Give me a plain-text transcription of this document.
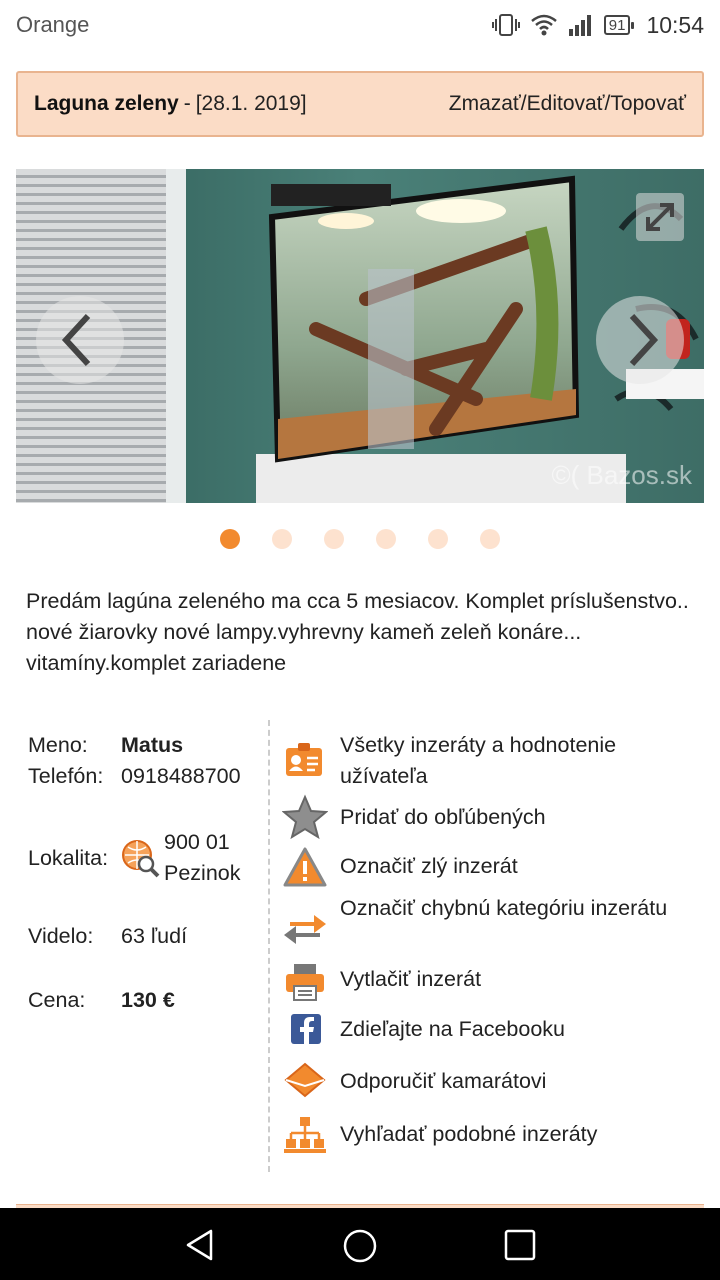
Orange	91 10:54
Laguna zeleny - [28.1. 2019]	Zmazať/ Editovať/ Topovať
©( Bazos.sk

Predám lagúna zeleného ma cca 5 mesiacov. Komplet príslušenstvo.. nové žiarovky nové lampy.vyhrevny kameň zeleň konáre... vitamíny.komplet zariadene

Meno:	Matus
Telefón: 0918488700
Lokalita:
900 01
Pezinok
Videlo:	63 ľudí
Cena:	130 €
Všetky inzeráty a hodnotenie užívateľa
Pridať do obľúbených
Označiť zlý inzerát
Označiť chybnú kategóriu inzerátu
Vytlačiť inzerát
Zdieľajte na Facebooku
Odporučiť kamarátovi
Vyhľadať podobné inzeráty
